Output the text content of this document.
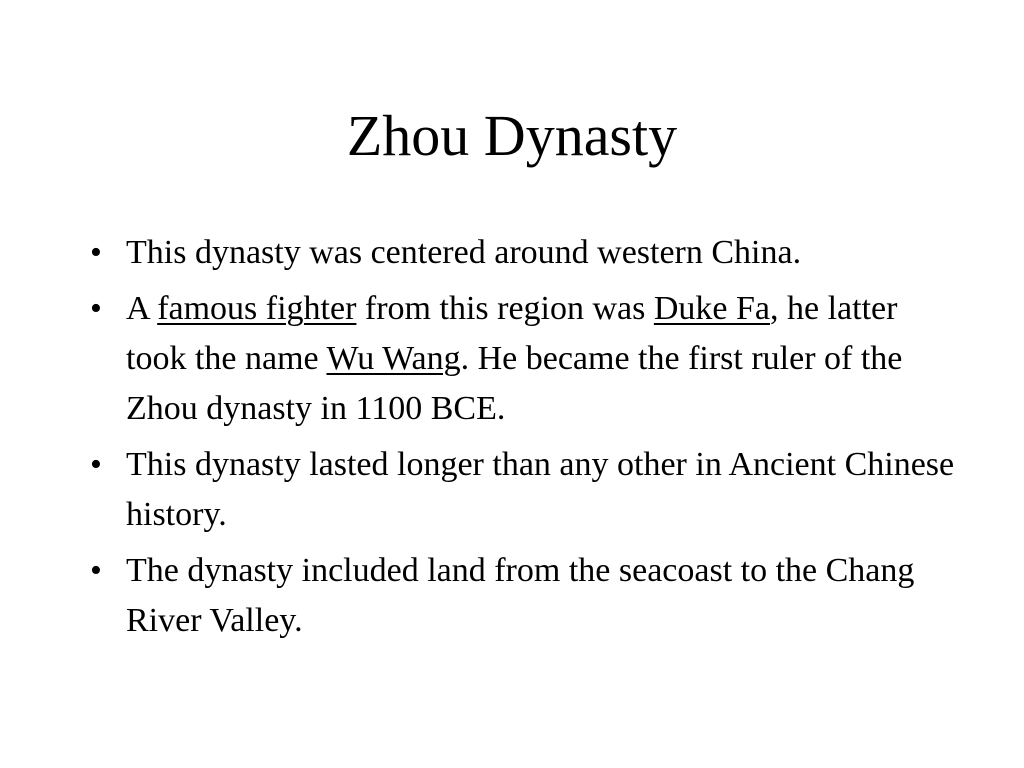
Zhou Dynasty
• This dynasty was centered around western China.
• A famous fighter from this region was Duke Fa, he latter took the name Wu Wang. He became the first ruler of the Zhou dynasty in 1100 BCE.
• This dynasty lasted longer than any other in Ancient Chinese history.
• The dynasty included land from the seacoast to the Chang River Valley.
